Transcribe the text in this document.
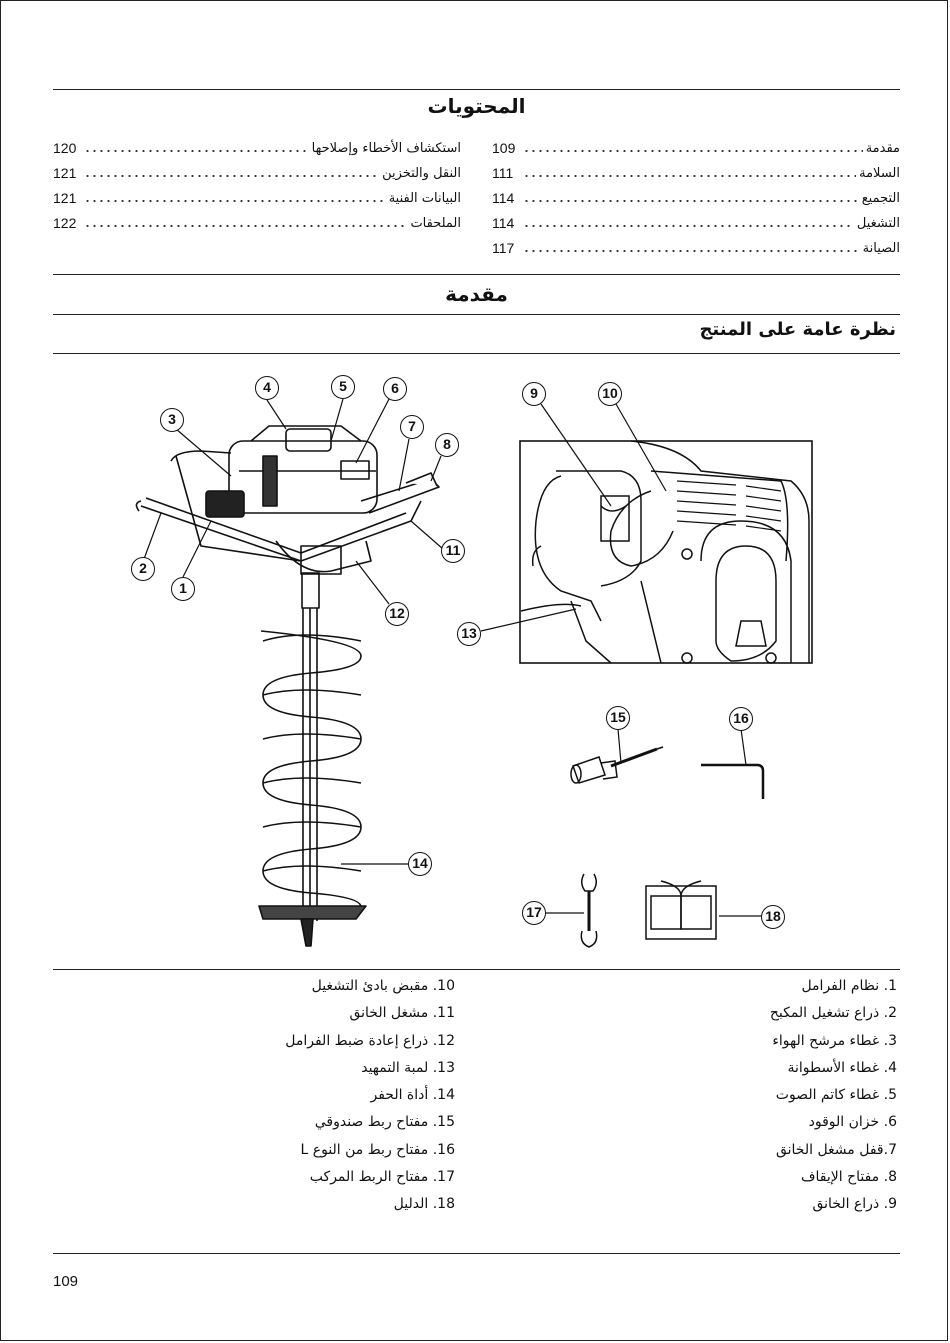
المحتويات
109	مقدمة
111	السلامة
114	التجميع
114	التشغيل
117	الصيانة
120	استكشاف الأخطاء وإصلاحها
121	النقل والتخزين
121	البيانات الفنية
122	الملحقات
مقدمة
نظرة عامة على المنتج
1
2
3
4	5	6
7
8
9	10
11
12
13
14
15	16
17	18
1. نظام الفرامل
2. ذراع تشغيل المكبح
3. غطاء مرشح الهواء
4. غطاء الأسطوانة
5. غطاء كاتم الصوت
6. خزان الوقود
7.قفل مشغل الخانق
8. مفتاح الإيقاف
9. ذراع الخانق
10. مقبض بادئ التشغيل
11. مشغل الخانق
12. ذراع إعادة ضبط الفرامل
13. لمبة التمهيد
14. أداة الحفر
15. مفتاح ربط صندوقي
16. مفتاح ربط من النوع L
17. مفتاح الربط المركب
18. الدليل
109
